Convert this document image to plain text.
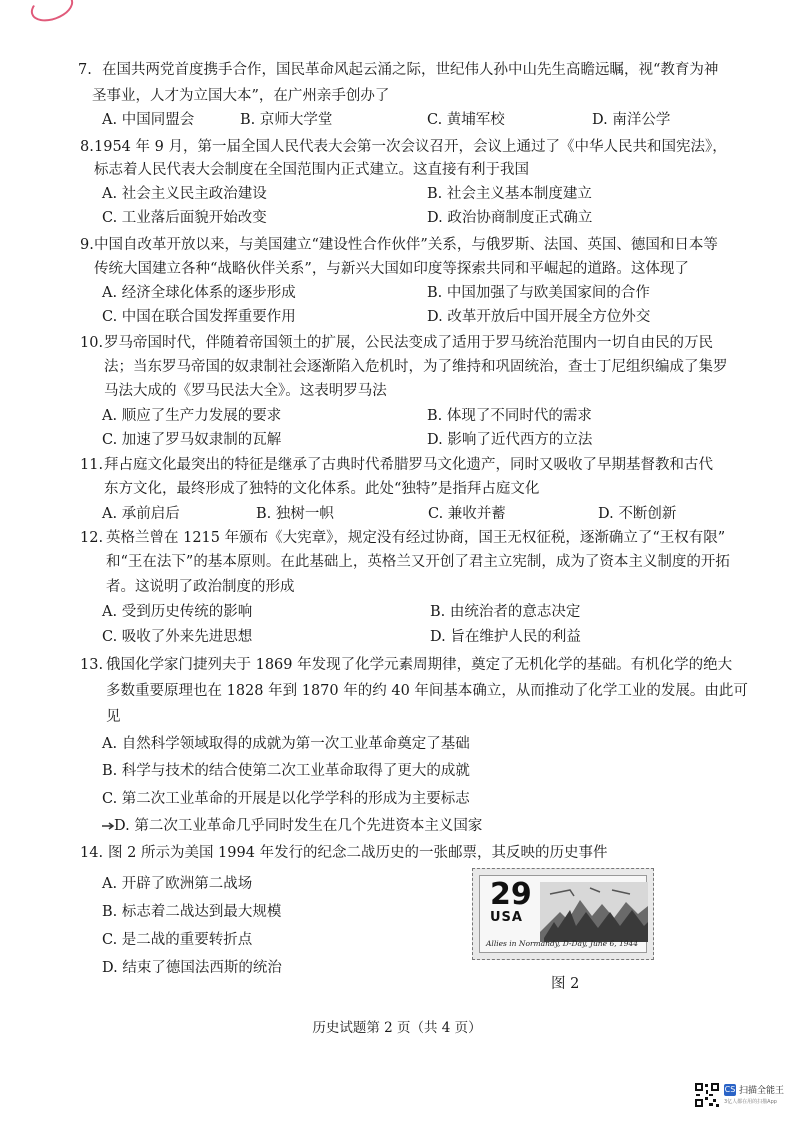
7. 在国共两党首度携手合作，国民革命风起云涌之际，世纪伟人孙中山先生高瞻远瞩，视“教育为神
圣事业，人才为立国大本”，在广州亲手创办了
A. 中国同盟会	B. 京师大学堂	C. 黄埔军校	D. 南洋公学
8. 1954 年 9 月，第一届全国人民代表大会第一次会议召开，会议上通过了《中华人民共和国宪法》，
标志着人民代表大会制度在全国范围内正式建立。这直接有利于我国
A. 社会主义民主政治建设	B. 社会主义基本制度建立
C. 工业落后面貌开始改变	D. 政治协商制度正式确立
9. 中国自改革开放以来，与美国建立“建设性合作伙伴”关系，与俄罗斯、法国、英国、德国和日本等
传统大国建立各种“战略伙伴关系”，与新兴大国如印度等探索共同和平崛起的道路。这体现了
A. 经济全球化体系的逐步形成	B. 中国加强了与欧美国家间的合作
C. 中国在联合国发挥重要作用	D. 改革开放后中国开展全方位外交
10. 罗马帝国时代，伴随着帝国领土的扩展，公民法变成了适用于罗马统治范围内一切自由民的万民
法；当东罗马帝国的奴隶制社会逐渐陷入危机时，为了维持和巩固统治，查士丁尼组织编成了集罗
马法大成的《罗马民法大全》。这表明罗马法
A. 顺应了生产力发展的要求	B. 体现了不同时代的需求
C. 加速了罗马奴隶制的瓦解	D. 影响了近代西方的立法
11. 拜占庭文化最突出的特征是继承了古典时代希腊罗马文化遗产，同时又吸收了早期基督教和古代
东方文化，最终形成了独特的文化体系。此处“独特”是指拜占庭文化
A. 承前启后	B. 独树一帜	C. 兼收并蓄	D. 不断创新
12. 英格兰曾在 1215 年颁布《大宪章》，规定没有经过协商，国王无权征税，逐渐确立了“王权有限”
和“王在法下”的基本原则。在此基础上，英格兰又开创了君主立宪制，成为了资本主义制度的开拓
者。这说明了政治制度的形成
A. 受到历史传统的影响	B. 由统治者的意志决定
C. 吸收了外来先进思想	D. 旨在维护人民的利益
13. 俄国化学家门捷列夫于 1869 年发现了化学元素周期律，奠定了无机化学的基础。有机化学的绝大
多数重要原理也在 1828 年到 1870 年的约 40 年间基本确立，从而推动了化学工业的发展。由此可
见
A. 自然科学领域取得的成就为第一次工业革命奠定了基础
B. 科学与技术的结合使第二次工业革命取得了更大的成就
C. 第二次工业革命的开展是以化学学科的形成为主要标志
D. 第二次工业革命几乎同时发生在几个先进资本主义国家
14. 图 2 所示为美国 1994 年发行的纪念二战历史的一张邮票，其反映的历史事件
A. 开辟了欧洲第二战场
B. 标志着二战达到最大规模
C. 是二战的重要转折点
D. 结束了德国法西斯的统治
29
USA
Allies in Normandy, D-Day, June 6, 1944
图 2
历史试题第 2 页（共 4 页）
CS 扫描全能王
3亿人都在用的扫描App
